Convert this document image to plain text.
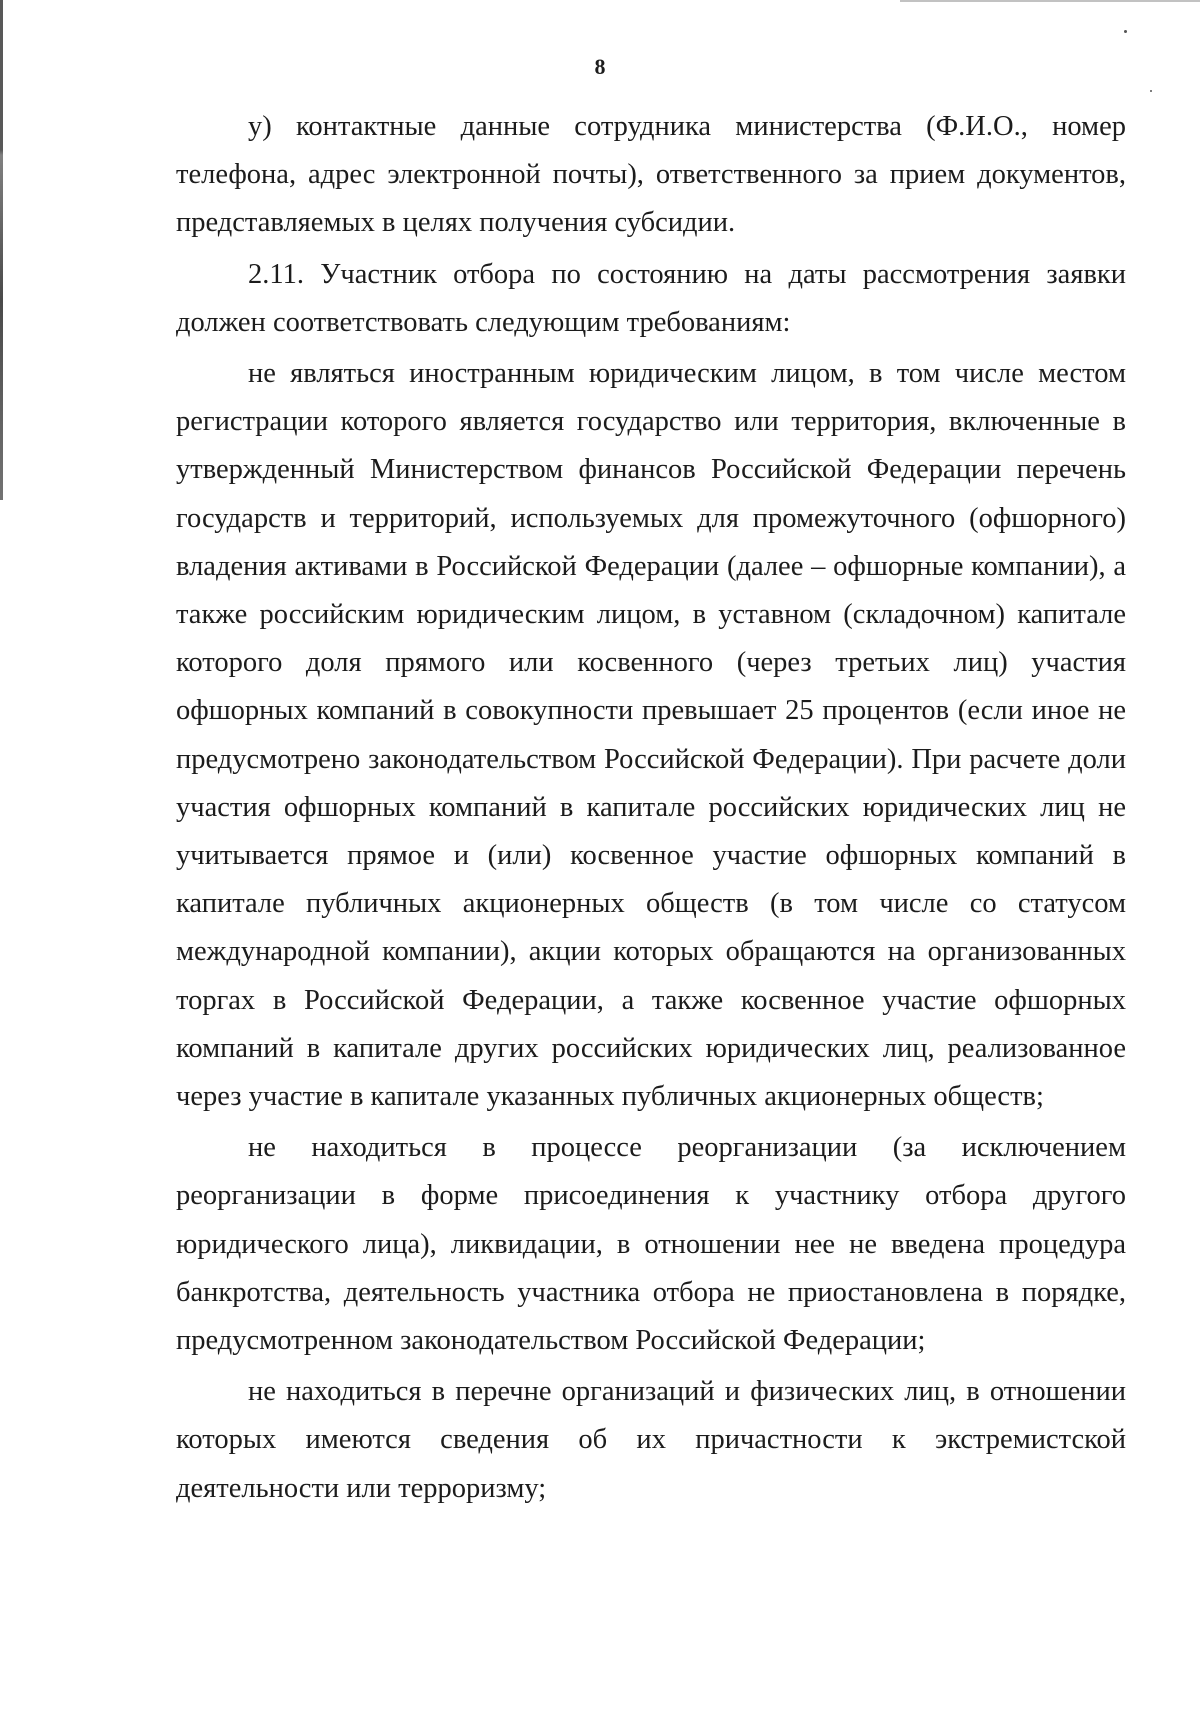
8

у) контактные данные сотрудника министерства (Ф.И.О., номер телефона, адрес электронной почты), ответственного за прием документов, представляемых в целях получения субсидии.

2.11. Участник отбора по состоянию на даты рассмотрения заявки должен соответствовать следующим требованиям:

не являться иностранным юридическим лицом, в том числе местом регистрации которого является государство или территория, включенные в утвержденный Министерством финансов Российской Федерации перечень государств и территорий, используемых для промежуточного (офшорного) владения активами в Российской Федерации (далее – офшорные компании), а также российским юридическим лицом, в уставном (складочном) капитале которого доля прямого или косвенного (через третьих лиц) участия офшорных компаний в совокупности превышает 25 процентов (если иное не предусмотрено законодательством Российской Федерации). При расчете доли участия офшорных компаний в капитале российских юридических лиц не учитывается прямое и (или) косвенное участие офшорных компаний в капитале публичных акционерных обществ (в том числе со статусом международной компании), акции которых обращаются на организованных торгах в Российской Федерации, а также косвенное участие офшорных компаний в капитале других российских юридических лиц, реализованное через участие в капитале указанных публичных акционерных обществ;

не находиться в процессе реорганизации (за исключением реорганизации в форме присоединения к участнику отбора другого юридического лица), ликвидации, в отношении нее не введена процедура банкротства, деятельность участника отбора не приостановлена в порядке, предусмотренном законодательством Российской Федерации;

не находиться в перечне организаций и физических лиц, в отношении которых имеются сведения об их причастности к экстремистской деятельности или терроризму;
